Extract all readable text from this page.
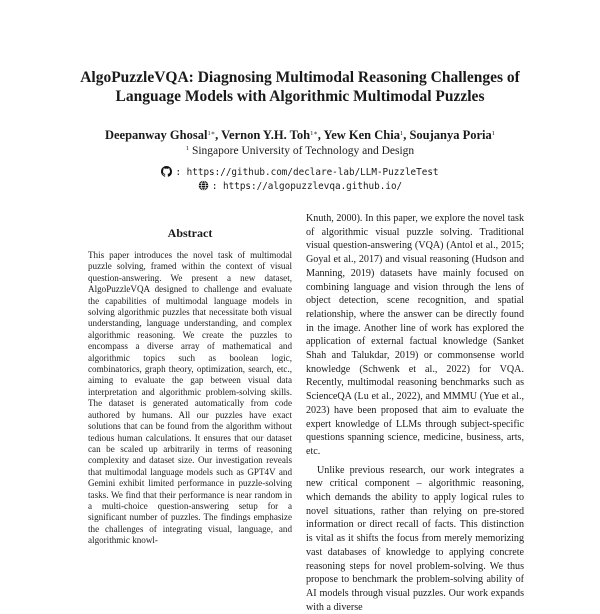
AlgoPuzzleVQA: Diagnosing Multimodal Reasoning Challenges of
Language Models with Algorithmic Multimodal Puzzles
Deepanway Ghosal$^{1∗}$, Vernon Y.H. Toh$^{1∗}$, Yew Ken Chia$^1$, Soujanya Poria$^1$
$^1$ Singapore University of Technology and Design
: https://github.com/declare-lab/LLM-PuzzleTest
: https://algopuzzlevqa.github.io/
Abstract
This paper introduces the novel task of multimodal puzzle solving, framed within the context of visual question-answering. We present a new dataset, AlgoPuzzleVQA designed to challenge and evaluate the capabilities of multimodal language models in solving algorithmic puzzles that necessitate both visual understanding, language understanding, and complex algorithmic reasoning. We create the puzzles to encompass a diverse array of mathematical and algorithmic topics such as boolean logic, combinatorics, graph theory, optimization, search, etc., aiming to evaluate the gap between visual data interpretation and algorithmic problem-solving skills. The dataset is generated automatically from code authored by humans. All our puzzles have exact solutions that can be found from the algorithm without tedious human calculations. It ensures that our dataset can be scaled up arbitrarily in terms of reasoning complexity and dataset size. Our investigation reveals that multimodal language models such as GPT4V and Gemini exhibit limited performance in puzzle-solving tasks. We find that their performance is near random in a multi-choice question-answering setup for a significant number of puzzles. The findings emphasize the challenges of integrating visual, language, and algorithmic knowl-

Knuth, 2000). In this paper, we explore the novel task of algorithmic visual puzzle solving. Traditional visual question-answering (VQA) (Antol et al., 2015; Goyal et al., 2017) and visual reasoning (Hudson and Manning, 2019) datasets have mainly focused on combining language and vision through the lens of object detection, scene recognition, and spatial relationship, where the answer can be directly found in the image. Another line of work has explored the application of external factual knowledge (Sanket Shah and Talukdar, 2019) or commonsense world knowledge (Schwenk et al., 2022) for VQA. Recently, multimodal reasoning benchmarks such as ScienceQA (Lu et al., 2022), and MMMU (Yue et al., 2023) have been proposed that aim to evaluate the expert knowledge of LLMs through subject-specific questions spanning science, medicine, business, arts, etc.

Unlike previous research, our work integrates a new critical component – algorithmic reasoning, which demands the ability to apply logical rules to novel situations, rather than relying on pre-stored information or direct recall of facts. This distinction is vital as it shifts the focus from merely memorizing vast databases of knowledge to applying concrete reasoning steps for novel problem-solving. We thus propose to benchmark the problem-solving ability of AI models through visual puzzles. Our work expands with a diverse
